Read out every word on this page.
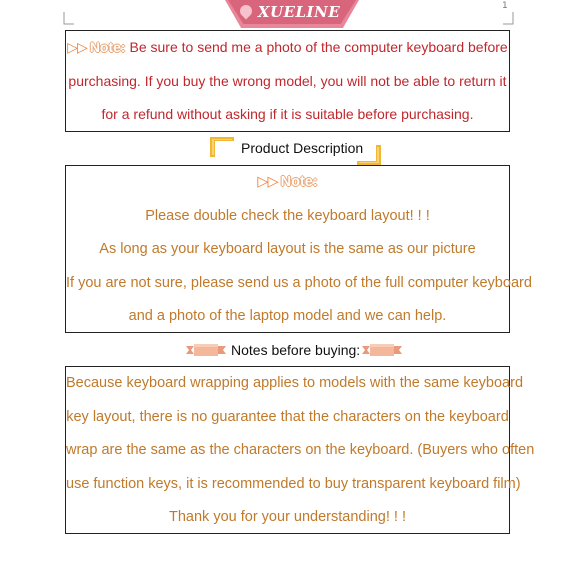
1
XUELINE
▷▷ Note: Be sure to send me a photo of the computer keyboard before
purchasing. If you buy the wrong model, you will not be able to return it
for a refund without asking if it is suitable before purchasing.
Product Description
▷▷ Note:
Please double check the keyboard layout! ! !
As long as your keyboard layout is the same as our picture
If you are not sure, please send us a photo of the full computer keyboard
and a photo of the laptop model and we can help.
Notes before buying:
Because keyboard wrapping applies to models with the same keyboard
key layout, there is no guarantee that the characters on the keyboard
wrap are the same as the characters on the keyboard. (Buyers who often
use function keys, it is recommended to buy transparent keyboard film)
Thank you for your understanding! ! !
